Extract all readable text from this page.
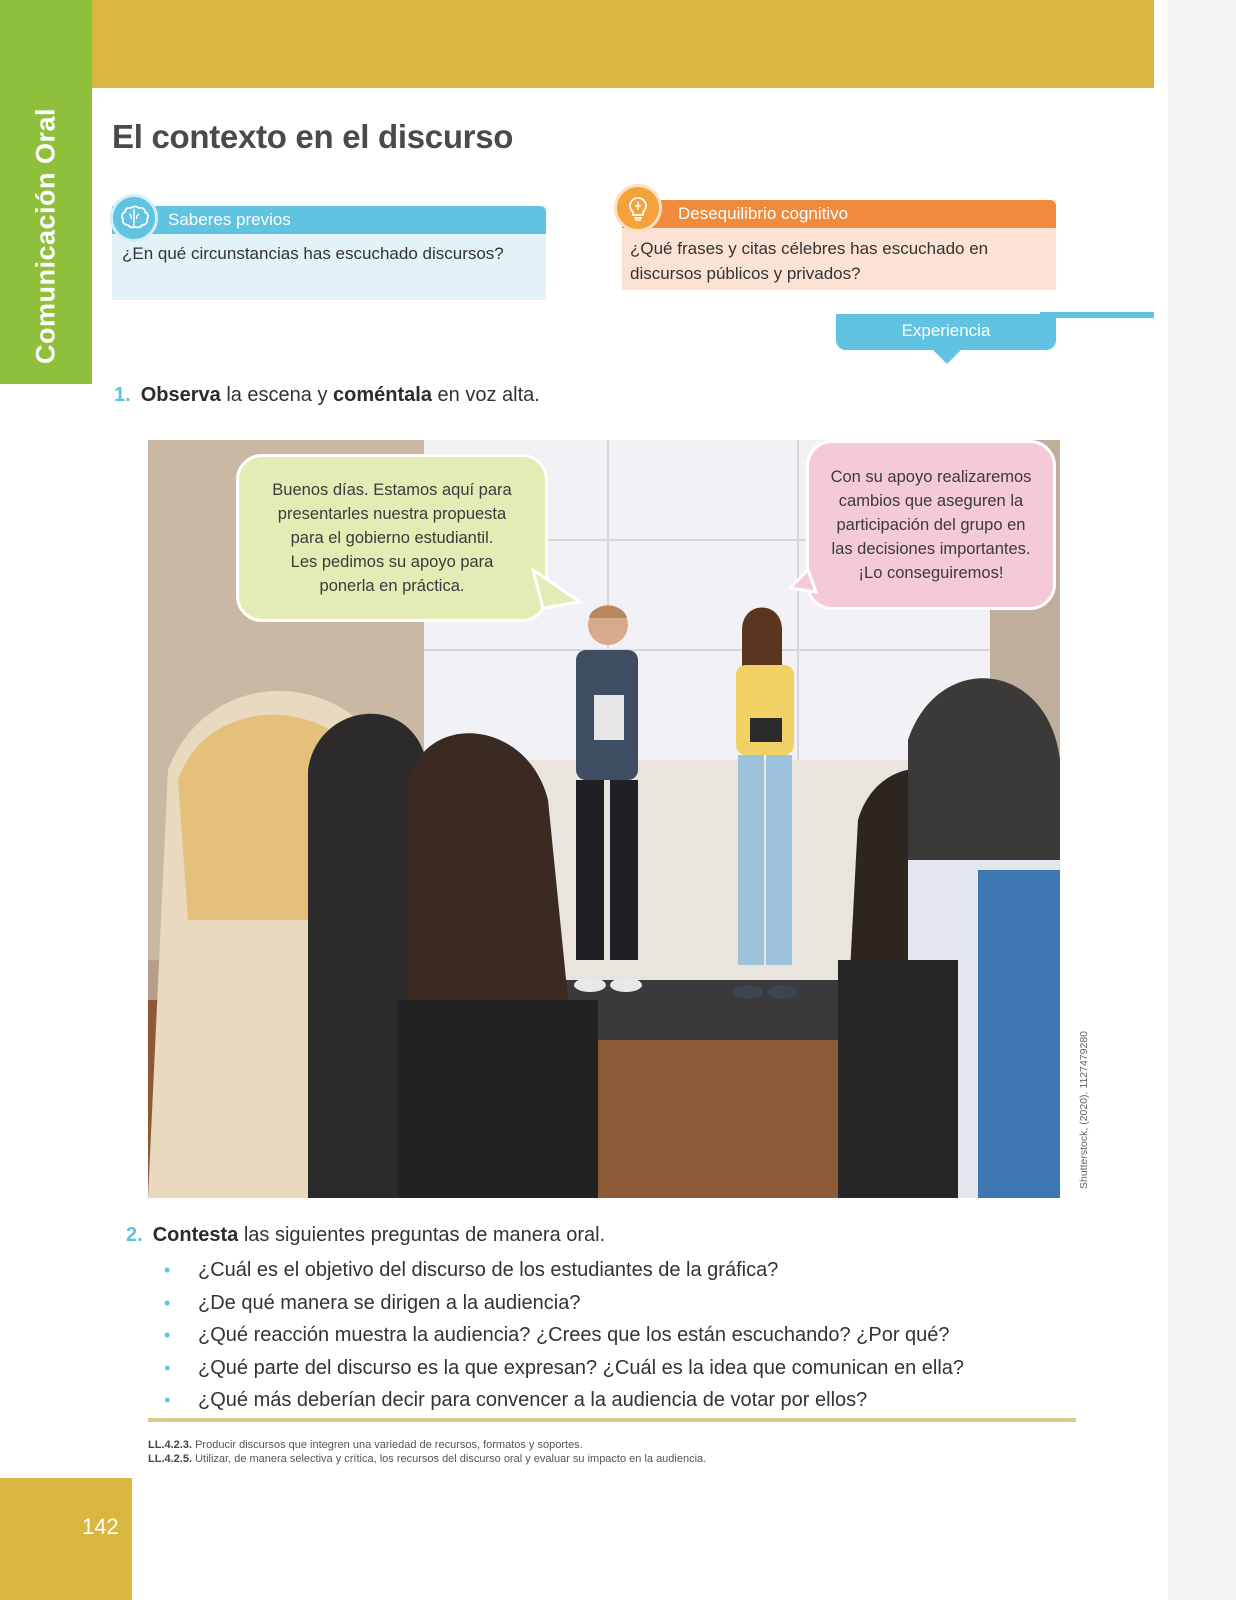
Comunicación Oral El contexto en el discurso
Saberes previos
¿En qué circunstancias has escuchado discursos?
Desequilibrio cognitivo
¿Qué frases y citas célebres has escuchado en discursos públicos y privados?
Experiencia
1. Observa la escena y coméntala en voz alta.
Buenos días. Estamos aquí para
presentarles nuestra propuesta
para el gobierno estudiantil.
Les pedimos su apoyo para
ponerla en práctica.
Con su apoyo realizaremos
cambios que aseguren la
participación del grupo en
las decisiones importantes.
¡Lo conseguiremos!
Shutterstock, (2020). 1127479280
2. Contesta las siguientes preguntas de manera oral.
• ¿Cuál es el objetivo del discurso de los estudiantes de la gráfica?
• ¿De qué manera se dirigen a la audiencia?
• ¿Qué reacción muestra la audiencia? ¿Crees que los están escuchando? ¿Por qué?
• ¿Qué parte del discurso es la que expresan? ¿Cuál es la idea que comunican en ella?
• ¿Qué más deberían decir para convencer a la audiencia de votar por ellos?
LL.4.2.3. Producir discursos que integren una variedad de recursos, formatos y soportes.
LL.4.2.5. Utilizar, de manera selectiva y crítica, los recursos del discurso oral y evaluar su impacto en la audiencia.
142
